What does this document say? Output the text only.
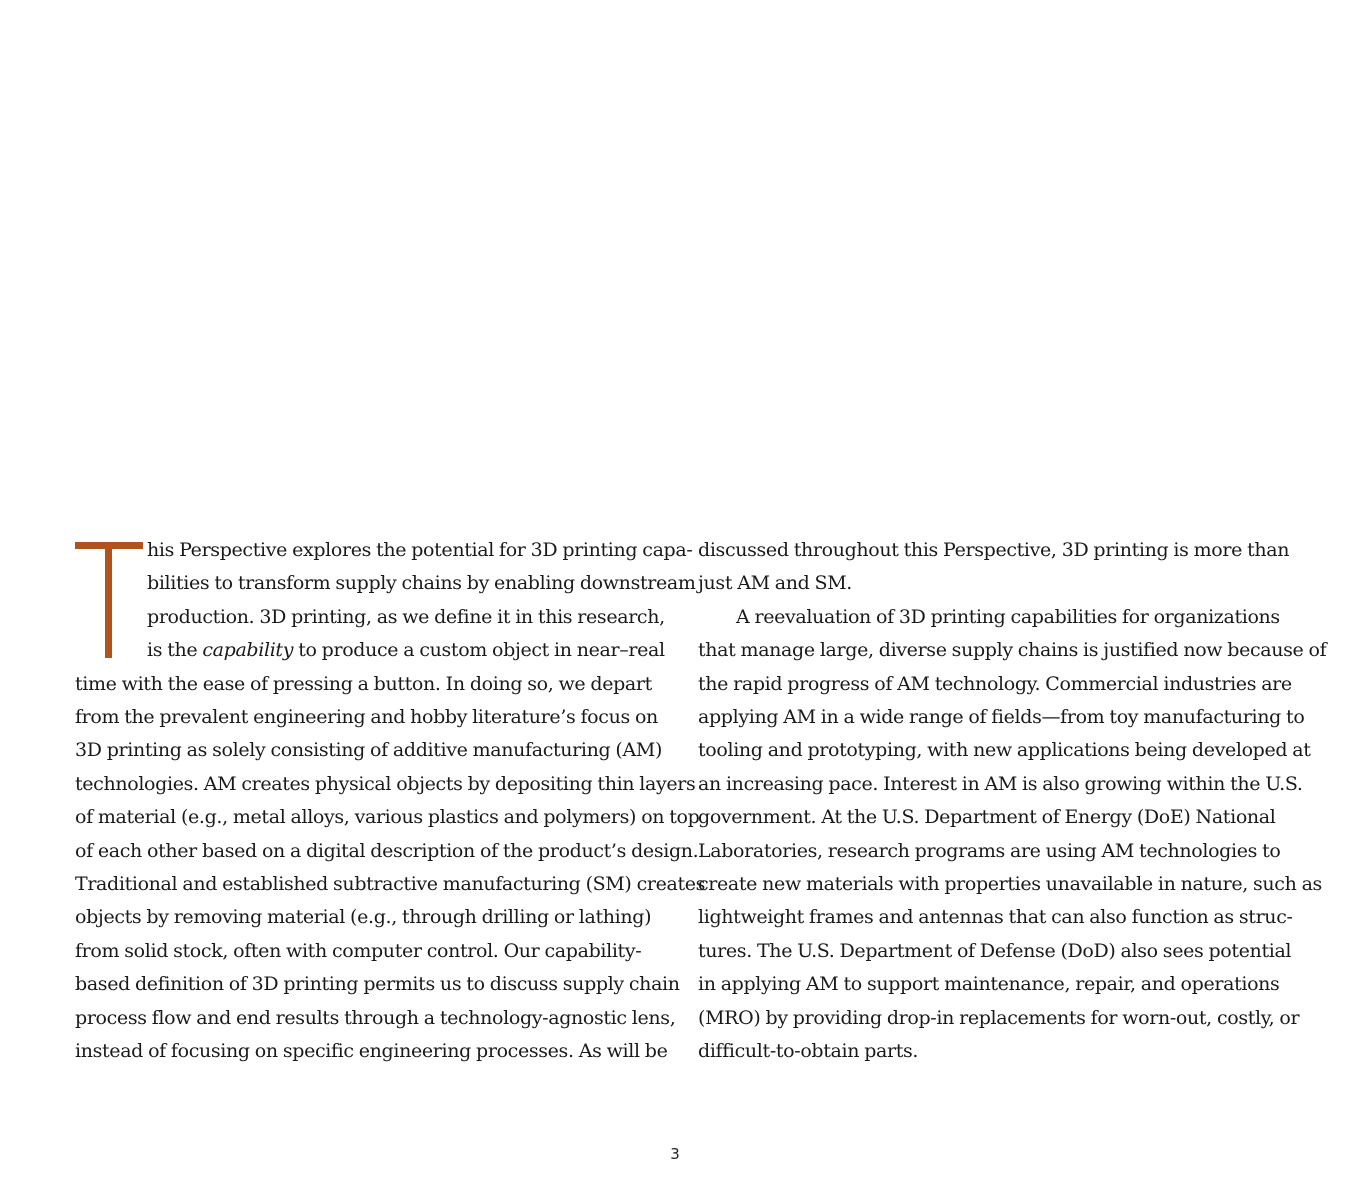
his Perspective explores the potential for 3D printing capa-
bilities to transform supply chains by enabling downstream
production. 3D printing, as we define it in this research,
is the capability to produce a custom object in near–real
time with the ease of pressing a button. In doing so, we depart
from the prevalent engineering and hobby literature’s focus on
3D printing as solely consisting of additive manufacturing (AM)
technologies. AM creates physical objects by depositing thin layers
of material (e.g., metal alloys, various plastics and polymers) on top
of each other based on a digital description of the product’s design.
Traditional and established subtractive manufacturing (SM) creates
objects by removing material (e.g., through drilling or lathing)
from solid stock, often with computer control. Our capability-
based definition of 3D printing permits us to discuss supply chain
process flow and end results through a technology-agnostic lens,
instead of focusing on specific engineering processes. As will be
discussed throughout this Perspective, 3D printing is more than
just AM and SM.
A reevaluation of 3D printing capabilities for organizations
that manage large, diverse supply chains is justified now because of
the rapid progress of AM technology. Commercial industries are
applying AM in a wide range of fields—from toy manufacturing to
tooling and prototyping, with new applications being developed at
an increasing pace. Interest in AM is also growing within the U.S.
government. At the U.S. Department of Energy (DoE) National
Laboratories, research programs are using AM technologies to
create new materials with properties unavailable in nature, such as
lightweight frames and antennas that can also function as struc-
tures. The U.S. Department of Defense (DoD) also sees potential
in applying AM to support maintenance, repair, and operations
(MRO) by providing drop-in replacements for worn-out, costly, or
difficult-to-obtain parts.
3
